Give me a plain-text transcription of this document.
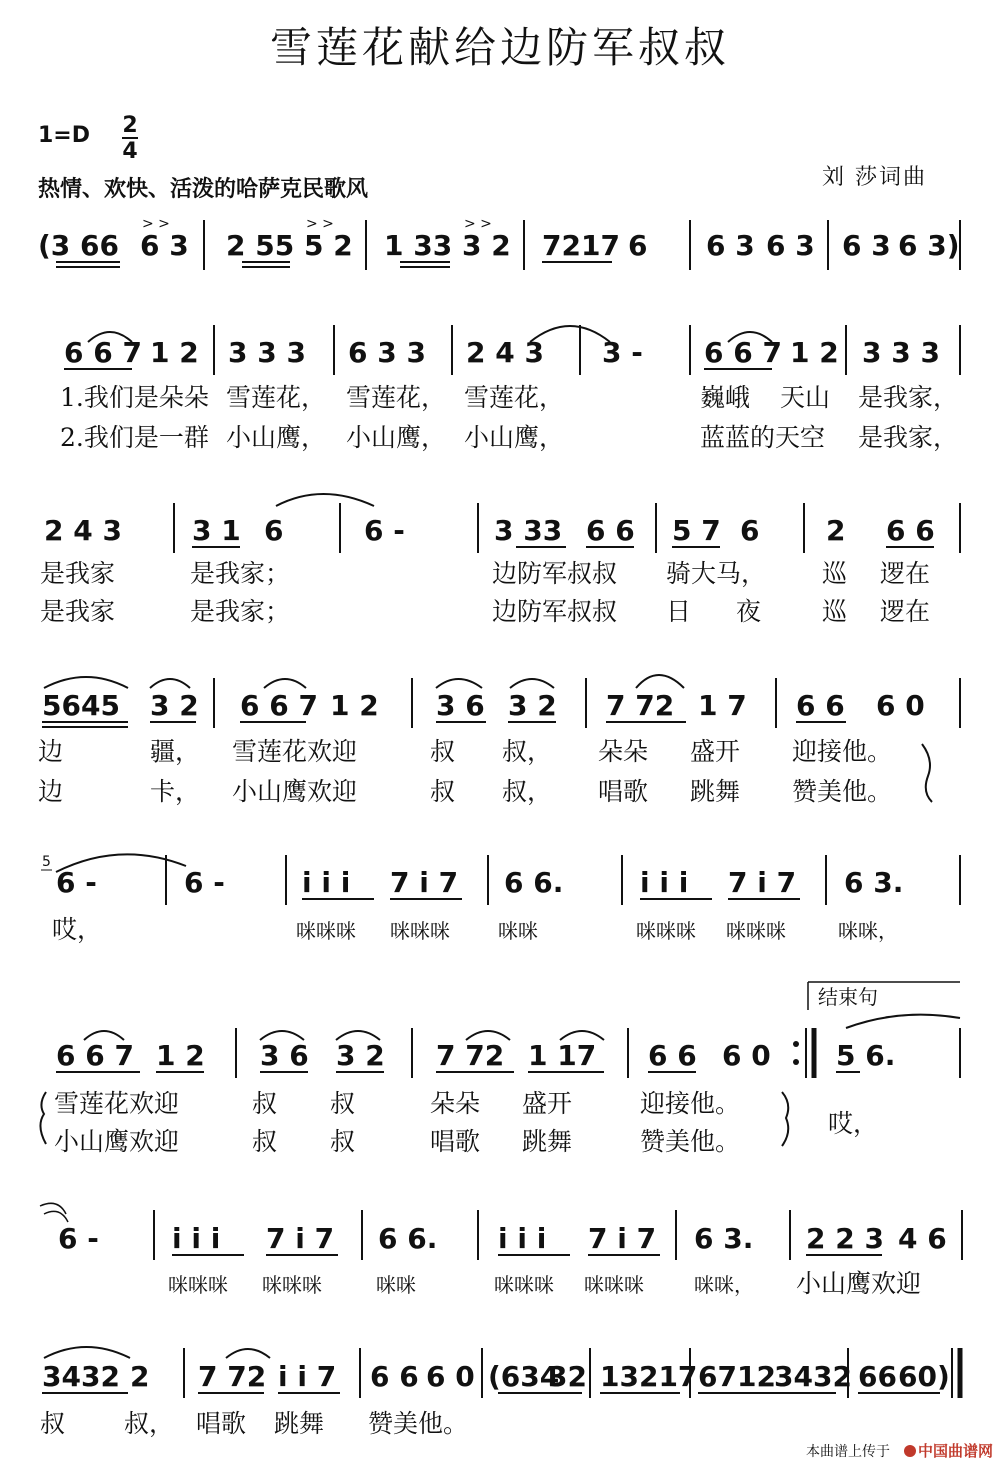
雪莲花献给边防军叔叔
1=D 2
4
热情、欢快、活泼的哈萨克民歌风	刘 莎词曲
(3 66 6 3 2 55 5 2 1 33 3 2 7217 6 6 3 6 3 6 3 6 3)
> >	> >	> >
6 6 7 1 2 3 3 3 6 3 3 2 4 3 3 - 6 6 7 1 2 3 3 3
1.我们是朵朵 雪莲花， 雪莲花， 雪莲花，	巍峨 天山 是我家，
2.我们是一群 小山鹰， 小山鹰， 小山鹰，	蓝蓝的天空 是我家，
2 4 3	3 1 6	6 -	3 33 6 6 5 7 6 2 6 6
是我家	是我家；	边防军叔叔 骑大马， 巡 逻在
是我家	是我家；	边防军叔叔 日 夜 巡 逻在
5645 3 2 6 6 7 1 2 3 6 3 2 7 72 1 7 6 6 6 0
边	疆， 雪莲花欢迎	叔 叔， 朵朵 盛开 迎接他。
边	卡， 小山鹰欢迎	叔 叔， 唱歌 跳舞 赞美他。
5
6 -	6 -	i i i 7 i 7 6 6.	i i i 7 i 7 6 3.
哎，	咪咪咪 咪咪咪 咪咪	咪咪咪 咪咪咪	咪咪，
结束句
6 6 7 1 2 3 6 3 2 7 72 1 17 6 6 6 0 5 6.
雪莲花欢迎	叔 叔	朵朵 盛开	迎接他。
哎，
小山鹰欢迎	叔 叔	唱歌 跳舞	赞美他。
6 -	i i i 7 i 7 6 6. i i i 7 i 7 6 3. 2 2 3 4 6
咪咪咪 咪咪咪	咪咪	咪咪咪 咪咪咪	咪咪， 小山鹰欢迎
3432 2 7 72 i i 7 6 6 6 0 (634
32 13217 6712
3432 66 60)
叔 叔， 唱歌 跳舞 赞美他。
本曲谱上传于 中国曲谱网
